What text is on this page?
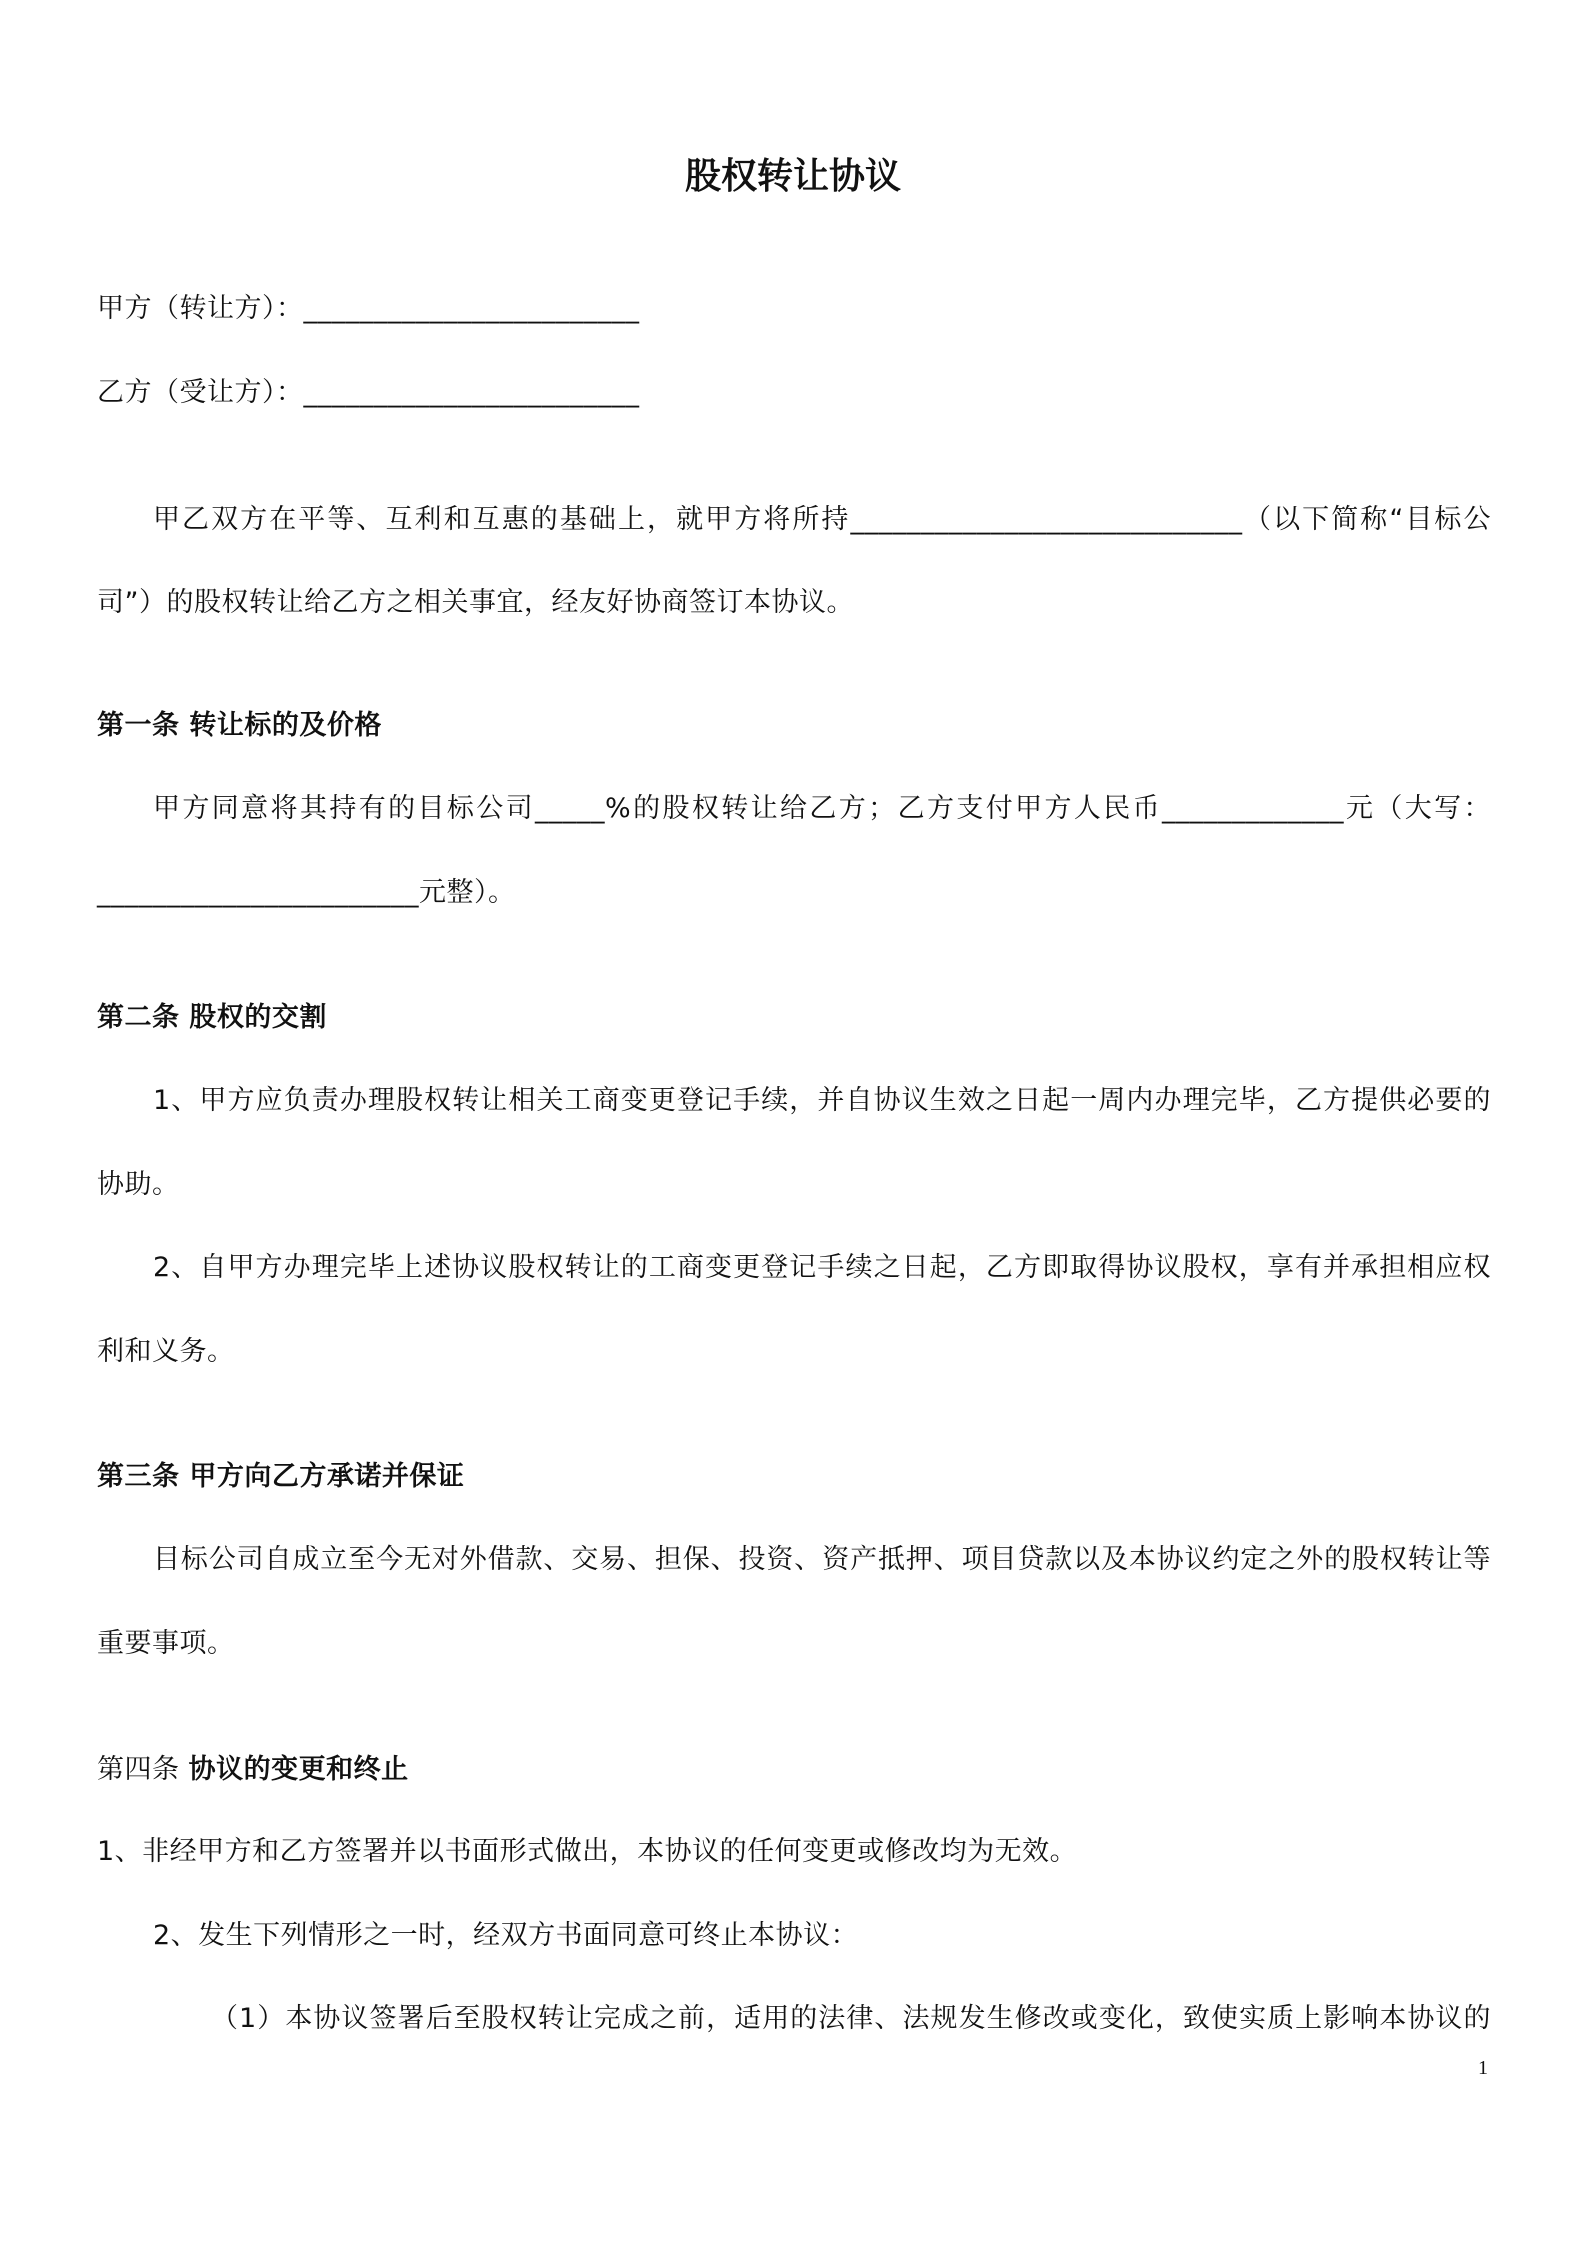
股权转让协议
甲方（转让方）：________________________
乙方（受让方）：________________________
甲乙双方在平等、互利和互惠的基础上，就甲方将所持____________________________（以下简称“目标公
司”）的股权转让给乙方之相关事宜，经友好协商签订本协议。
第一条 转让标的及价格
甲方同意将其持有的目标公司_____%的股权转让给乙方；乙方支付甲方人民币_____________元（大写：
_______________________元整）。
第二条 股权的交割
1、甲方应负责办理股权转让相关工商变更登记手续，并自协议生效之日起一周内办理完毕，乙方提供必要的
协助。
2、自甲方办理完毕上述协议股权转让的工商变更登记手续之日起，乙方即取得协议股权，享有并承担相应权
利和义务。
第三条 甲方向乙方承诺并保证
目标公司自成立至今无对外借款、交易、担保、投资、资产抵押、项目贷款以及本协议约定之外的股权转让等
重要事项。
第四条 协议的变更和终止
1、非经甲方和乙方签署并以书面形式做出，本协议的任何变更或修改均为无效。
2、发生下列情形之一时，经双方书面同意可终止本协议：
（1）本协议签署后至股权转让完成之前，适用的法律、法规发生修改或变化，致使实质上影响本协议的
1
